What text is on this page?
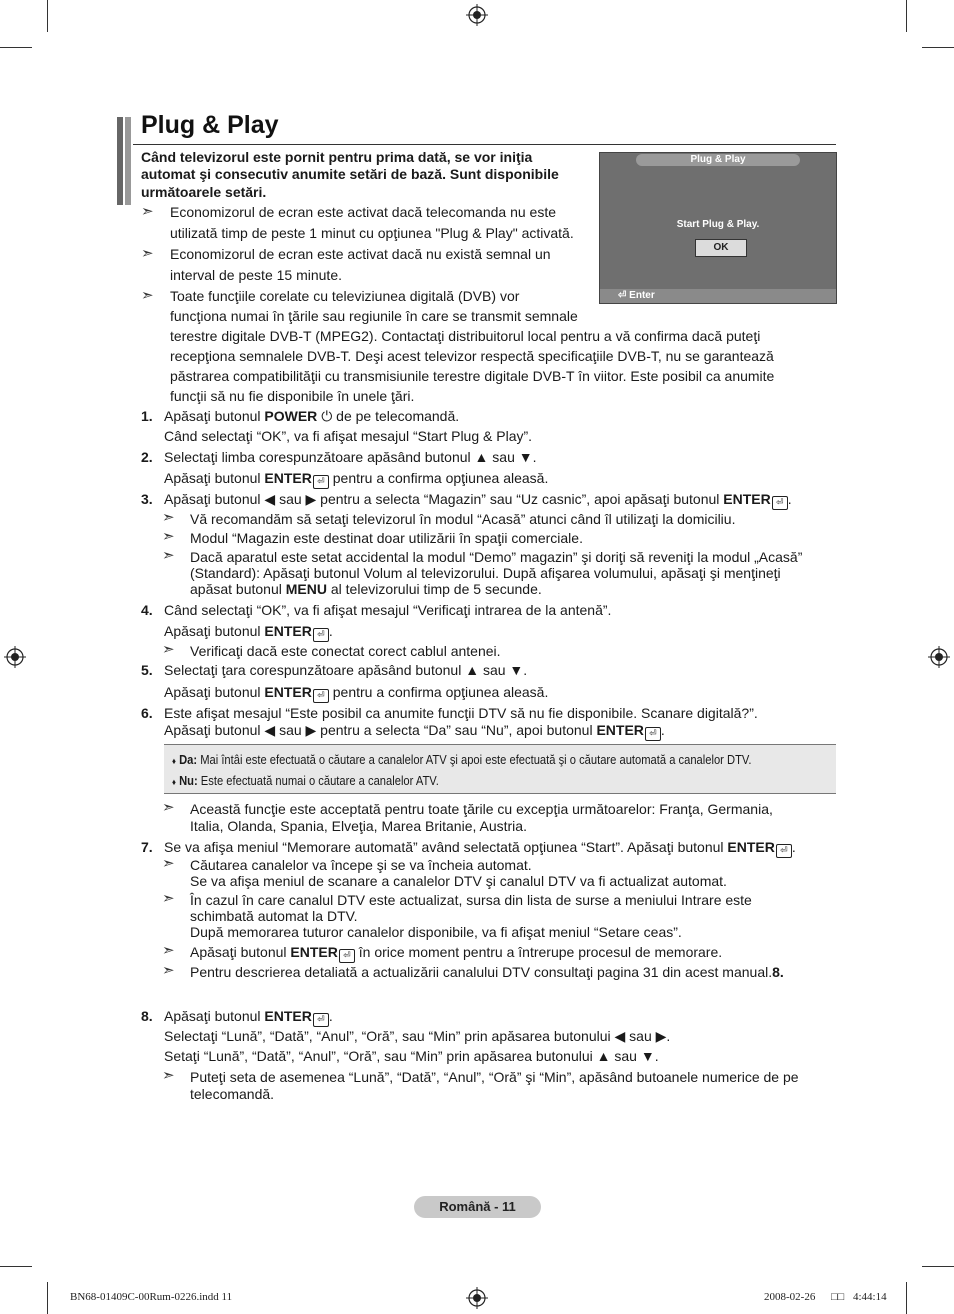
Plug & Play
Când televizorul este pornit pentru prima dată, se vor iniţia
automat şi consecutiv anumite setări de bază. Sunt disponibile
următoarele setări.
Plug & Play
Start Plug & Play.
OK
⏎ Enter
➣ Economizorul de ecran este activat dacă telecomanda nu este
utilizată timp de peste 1 minut cu opţiunea "Plug & Play" activată.
➣ Economizorul de ecran este activat dacă nu există semnal un
interval de peste 15 minute.
➣ Toate funcţiile corelate cu televiziunea digitală (DVB) vor
funcţiona numai în ţările sau regiunile în care se transmit semnale
terestre digitale DVB-T (MPEG2). Contactaţi distribuitorul local pentru a vă confirma dacă puteţi
recepţiona semnalele DVB-T. Deşi acest televizor respectă specificaţiile DVB-T, nu se garantează
păstrarea compatibilităţii cu transmisiunile terestre digitale DVB-T în viitor. Este posibil ca anumite
funcţii să nu fie disponibile în unele ţări.
1. Apăsaţi butonul POWER ⏻ de pe telecomandă.
Când selectaţi “OK”, va fi afişat mesajul “Start Plug & Play”.
2. Selectaţi limba corespunzătoare apăsând butonul ▲ sau ▼.
Apăsaţi butonul ENTER ⏎ pentru a confirma opţiunea aleasă.
3. Apăsaţi butonul ◀ sau ▶ pentru a selecta “Magazin” sau “Uz casnic”, apoi apăsaţi butonul ENTER ⏎ .
➣ Vă recomandăm să setaţi televizorul în modul “Acasă” atunci când îl utilizaţi la domiciliu.
➣ Modul “Magazin este destinat doar utilizării în spaţii comerciale.
➣ Dacă aparatul este setat accidental la modul “Demo” magazin” şi doriţi să reveniţi la modul „Acasă”
(Standard): Apăsaţi butonul Volum al televizorului. După afişarea volumului, apăsaţi şi menţineţi
apăsat butonul MENU al televizorului timp de 5 secunde.
4. Când selectaţi “OK”, va fi afişat mesajul “Verificaţi intrarea de la antenă”.
Apăsaţi butonul ENTER ⏎ .
➣ Verificaţi dacă este conectat corect cablul antenei.
5. Selectaţi ţara corespunzătoare apăsând butonul ▲ sau ▼.
Apăsaţi butonul ENTER ⏎ pentru a confirma opţiunea aleasă.
6. Este afişat mesajul “Este posibil ca anumite funcţii DTV să nu fie disponibile. Scanare digitală?”.
Apăsaţi butonul ◀ sau ▶ pentru a selecta “Da” sau “Nu”, apoi butonul ENTER ⏎ .
♦ Da: Mai întâi este efectuată o căutare a canalelor ATV şi apoi este efectuată şi o căutare automată a canalelor DTV.
♦ Nu: Este efectuată numai o căutare a canalelor ATV.
➣ Această funcţie este acceptată pentru toate ţările cu excepţia următoarelor: Franţa, Germania,
Italia, Olanda, Spania, Elveţia, Marea Britanie, Austria.
7. Se va afişa meniul “Memorare automată” având selectată opţiunea “Start”. Apăsaţi butonul ENTER ⏎ .
➣ Căutarea canalelor va începe şi se va încheia automat.
Se va afişa meniul de scanare a canalelor DTV şi canalul DTV va fi actualizat automat.
➣ În cazul în care canalul DTV este actualizat, sursa din lista de surse a meniului Intrare este
schimbată automat la DTV.
După memorarea tuturor canalelor disponibile, va fi afişat meniul “Setare ceas”.
➣ Apăsaţi butonul ENTER ⏎ în orice moment pentru a întrerupe procesul de memorare.
➣ Pentru descrierea detaliată a actualizării canalului DTV consultaţi pagina 31 din acest manual.8.
8. Apăsaţi butonul ENTER ⏎ .
Selectaţi “Lună”, “Dată”, “Anul”, “Oră”, sau “Min” prin apăsarea butonului ◀ sau ▶.
Setaţi “Lună”, “Dată”, “Anul”, “Oră”, sau “Min” prin apăsarea butonului ▲ sau ▼.
➣ Puteţi seta de asemenea “Lună”, “Dată”, “Anul”, “Oră” şi “Min”, apăsând butoanele numerice de pe
telecomandă.
Română - 11
BN68-01409C-00Rum-0226.indd 11	2008-02-26 □□ 4:44:14
